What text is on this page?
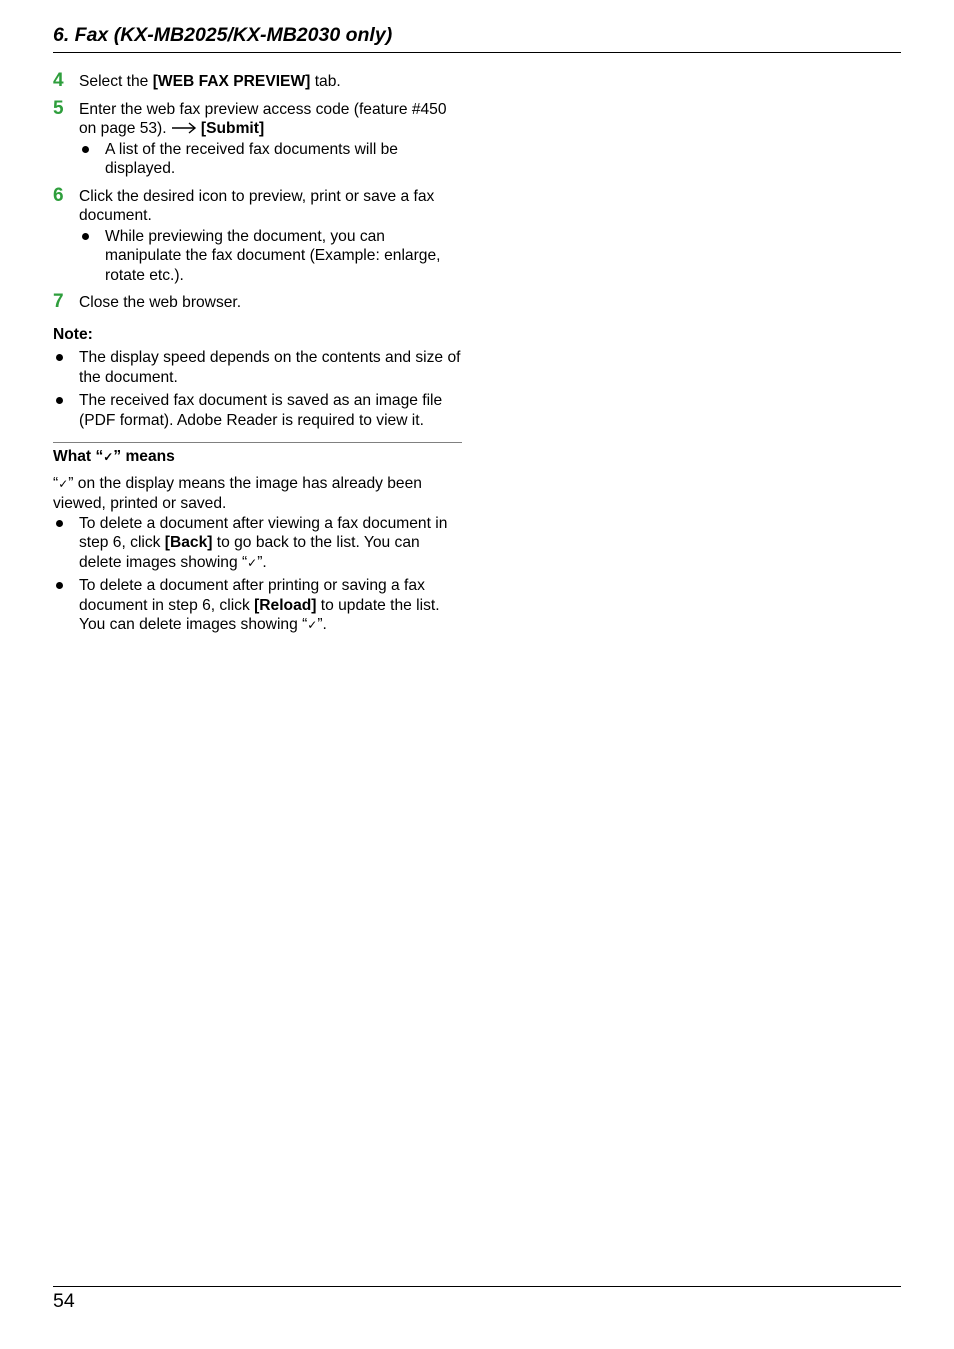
6. Fax (KX-MB2025/KX-MB2030 only)
4 Select the [WEB FAX PREVIEW] tab.
5 Enter the web fax preview access code (feature #450 on page 53). [Submit]
A list of the received fax documents will be displayed.
6 Click the desired icon to preview, print or save a fax document.
While previewing the document, you can manipulate the fax document (Example: enlarge, rotate etc.).
7 Close the web browser.
Note:
The display speed depends on the contents and size of the document.
The received fax document is saved as an image file (PDF format). Adobe Reader is required to view it.
What “✓” means
“✓” on the display means the image has already been viewed, printed or saved.
To delete a document after viewing a fax document in step 6, click [Back] to go back to the list. You can delete images showing “✓”.
To delete a document after printing or saving a fax document in step 6, click [Reload] to update the list. You can delete images showing “✓”.
54
